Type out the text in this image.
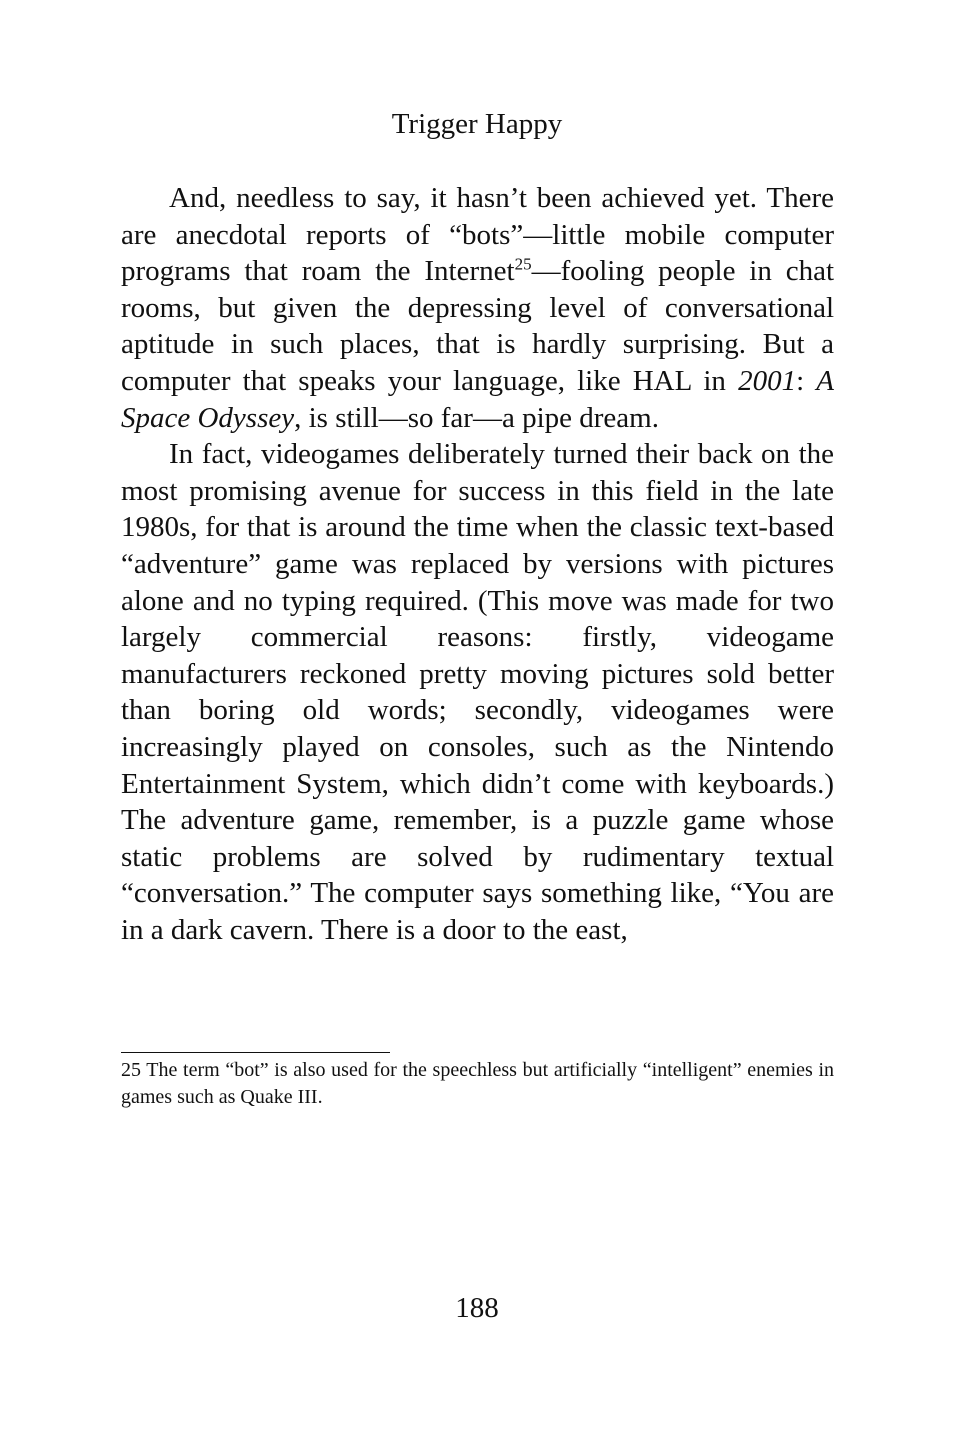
Trigger Happy

And, needless to say, it hasn’t been achieved yet. There are anecdotal reports of “bots”—little mobile computer programs that roam the Internet$^{25}$—fooling people in chat rooms, but given the depressing level of conversational aptitude in such places, that is hardly surprising. But a computer that speaks your language, like HAL in 2001: A Space Odyssey, is still—so far—a pipe dream.

In fact, videogames deliberately turned their back on the most promising avenue for success in this field in the late 1980s, for that is around the time when the classic text-based “adventure” game was replaced by versions with pictures alone and no typing required. (This move was made for two largely commercial reasons: firstly, videogame manufacturers reckoned pretty moving pictures sold better than boring old words; secondly, videogames were increasingly played on consoles, such as the Nintendo Entertainment System, which didn’t come with keyboards.) The adventure game, remember, is a puzzle game whose static problems are solved by rudimentary textual “conversation.” The computer says something like, “You are in a dark cavern. There is a door to the east,

25 The term “bot” is also used for the speechless but artificially “intelligent” enemies in games such as Quake III.

188
